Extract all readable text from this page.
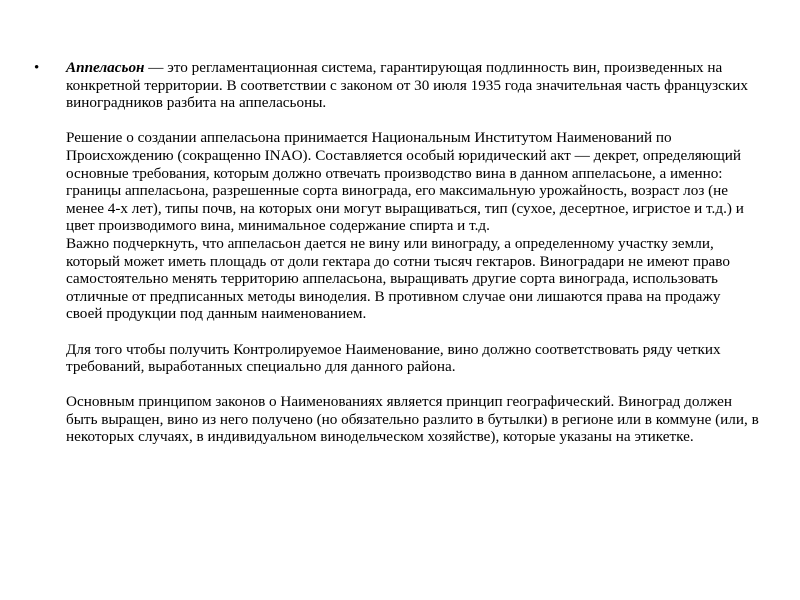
• Аппеласьон — это регламентационная система, гарантирующая подлинность вин, произведенных на конкретной территории. В соответствии с законом от 30 июля 1935 года значительная часть французских виноградников разбита на аппеласьоны.

Решение о создании аппеласьона принимается Национальным Институтом Наименований по Происхождению (сокращенно INAO). Составляется особый юридический акт — декрет, определяющий основные требования, которым должно отвечать производство вина в данном аппеласьоне, а именно: границы аппеласьона, разрешенные сорта винограда, его максимальную урожайность, возраст лоз (не менее 4-х лет), типы почв, на которых они могут выращиваться, тип (сухое, десертное, игристое и т.д.) и цвет производимого вина, минимальное содержание спирта и т.д.

Важно подчеркнуть, что аппеласьон дается не вину или винограду, а определенному участку земли, который может иметь площадь от доли гектара до сотни тысяч гектаров. Виноградари не имеют право самостоятельно менять территорию аппеласьона, выращивать другие сорта винограда, использовать отличные от предписанных методы виноделия. В противном случае они лишаются права на продажу своей продукции под данным наименованием.

Для того чтобы получить Контролируемое Наименование, вино должно соответствовать ряду четких требований, выработанных специально для данного района.

Основным принципом законов о Наименованиях является принцип географический. Виноград должен быть выращен, вино из него получено (но обязательно разлито в бутылки) в регионе или в коммуне (или, в некоторых случаях, в индивидуальном винодельческом хозяйстве), которые указаны на этикетке.
